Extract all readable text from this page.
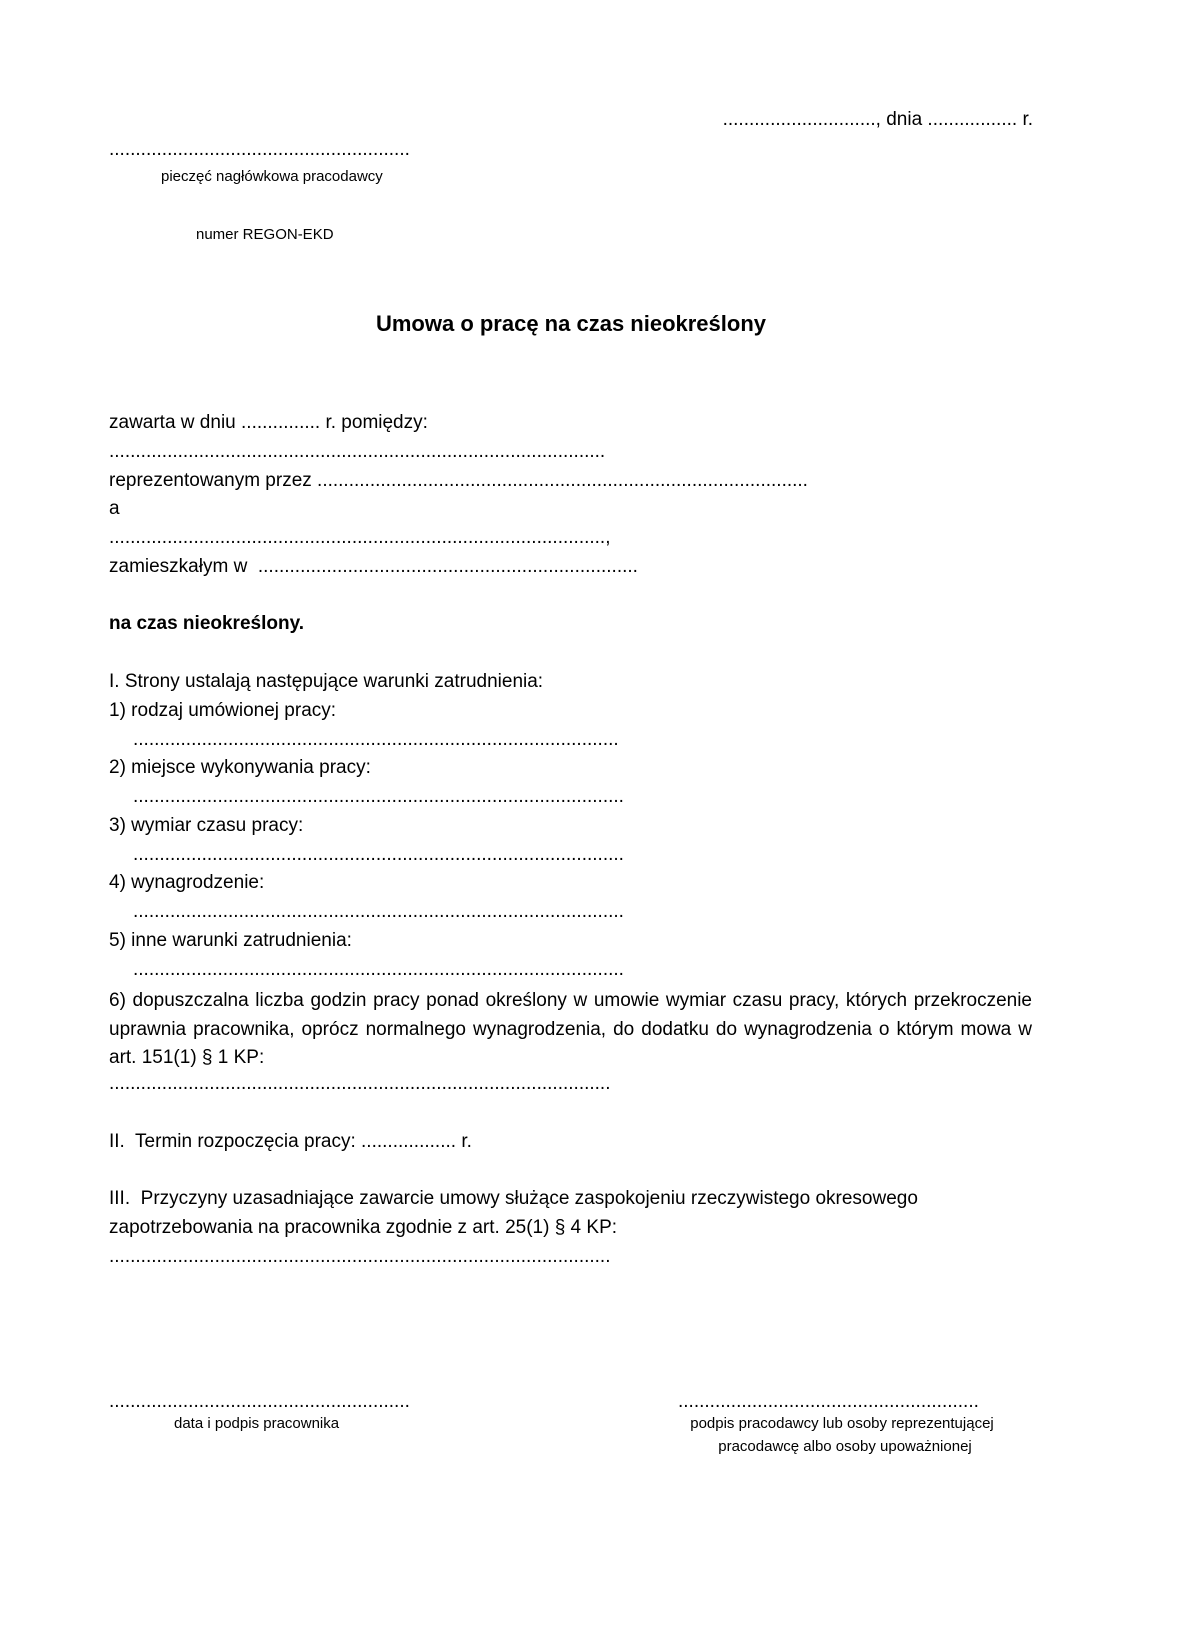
............................., dnia ................. r.
.........................................................
pieczęć nagłówkowa pracodawcy
numer REGON-EKD
Umowa o pracę na czas nieokreślony
zawarta w dniu ............... r. pomiędzy:
..............................................................................................
reprezentowanym przez .............................................................................................
a
..............................................................................................,
zamieszkałym w  ........................................................................
na czas nieokreślony.
I. Strony ustalają następujące warunki zatrudnienia:
1) rodzaj umówionej pracy:
............................................................................................
2) miejsce wykonywania pracy:
.............................................................................................
3) wymiar czasu pracy:
.............................................................................................
4) wynagrodzenie:
.............................................................................................
5) inne warunki zatrudnienia:
.............................................................................................
6) dopuszczalna liczba godzin pracy ponad określony w umowie wymiar czasu pracy, których przekroczenie uprawnia pracownika, oprócz normalnego wynagrodzenia, do dodatku do wynagrodzenia o którym mowa w art. 151(1) § 1 KP:
...............................................................................................
II.  Termin rozpoczęcia pracy: .................. r.
III.  Przyczyny uzasadniające zawarcie umowy służące zaspokojeniu rzeczywistego okresowego
zapotrzebowania na pracownika zgodnie z art. 25(1) § 4 KP:
...............................................................................................
.........................................................
data i podpis pracownika
.........................................................
podpis pracodawcy lub osoby reprezentującej
pracodawcę albo osoby upoważnionej
